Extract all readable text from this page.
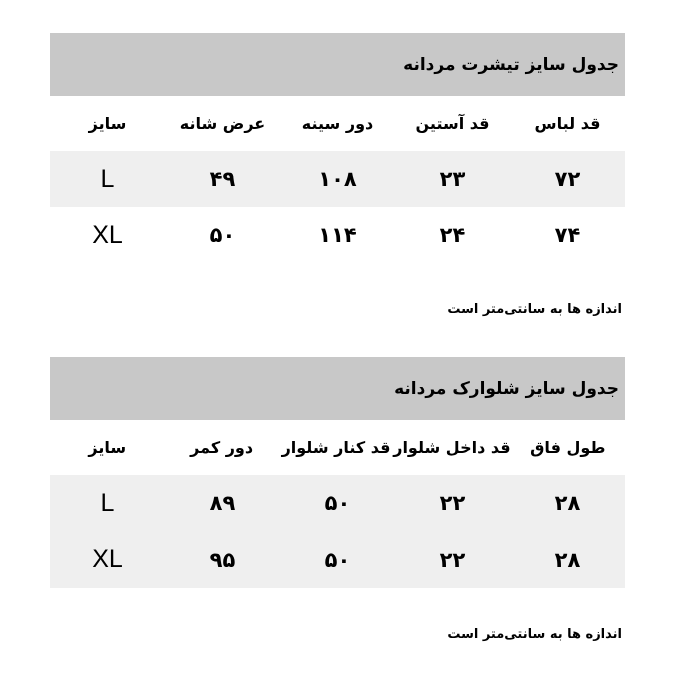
جدول سایز تیشرت مردانه
قد لباس
قد آستین
دور سینه
عرض شانه
سایز
۷۲
۲۳
۱۰۸
۴۹
L
۷۴
۲۴
۱۱۴
۵۰
XL
اندازه ها به سانتی‌متر است
جدول سایز شلوارک مردانه
طول فاق
قد داخل شلوار
قد کنار شلوار
دور کمر
سایز
۲۸
۲۲
۵۰
۸۹
L
۲۸
۲۲
۵۰
۹۵
XL
اندازه ها به سانتی‌متر است
